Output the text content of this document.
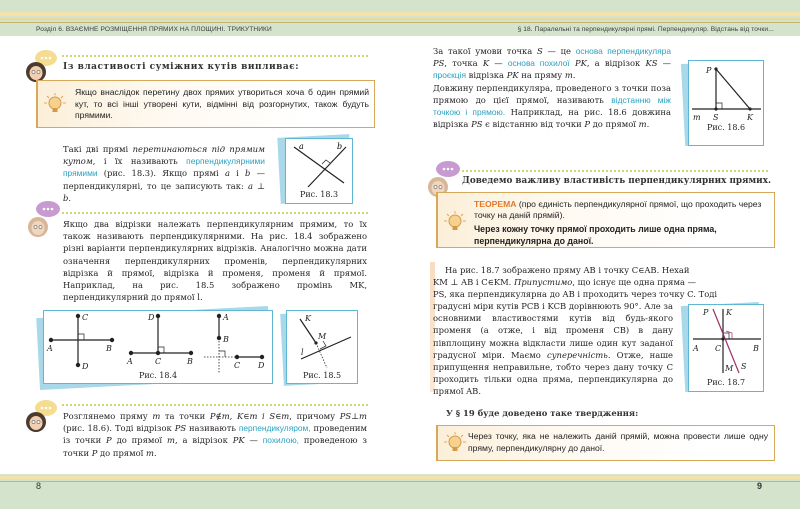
Розділ 6. ВЗАЄМНЕ РОЗМІЩЕННЯ ПРЯМИХ НА ПЛОЩИНІ. ТРИКУТНИКИ
Із властивості суміжних кутів випливає:
Якщо внаслідок перетину двох прямих утвориться хоча б один прямий кут, то всі інші утворені кути, відмінні від розгорнутих, також будуть прямими.
Такі дві прямі перетинаються під прямим кутом, і їх називають перпендикулярними прямими (рис. 18.3). Якщо прямі a і b — перпендикулярні, то це записують так: a ⊥ b.
a	b
Рис. 18.3
Якщо два відрізки належать перпендикулярним прямим, то їх також називають перпендикулярними. На рис. 18.4 зображено різні варіанти перпендикулярних відрізків. Аналогічно можна дати означення перпендикулярних променів, перпендикулярних відрізка й прямої, відрізка й променя, променя й прямої. Наприклад, на рис. 18.5 зображено промінь MK, перпендикулярний до прямої l.
A	B
C
D
A	C	B
D	A
B
C D
Рис. 18.4
K
M
l
Рис. 18.5
Розглянемо пряму m та точки P∉m, K∈m і S∈m, причому PS⊥m (рис. 18.6). Тоді відрізок PS називають перпендикуляром, проведеним із точки P до прямої m, а відрізок PK — похилою, проведеною з точки P до прямої m.
8
§ 18. Паралельні та перпендикулярні прямі. Перпендикуляр. Відстань від точки...
За такої умови точка S — це основа перпендикуляра PS, точка K — основа похилої PK, а відрізок KS — проєкція відрізка PK на пряму m.
Довжину перпендикуляра, проведеного з точки поза прямою до цієї прямої, називають відстанню між точкою і прямою. Наприклад, на рис. 18.6 довжина відрізка PS є відстанню від точки P до прямої m.
P
m S	K
Рис. 18.6
Доведемо важливу властивість перпендикулярних прямих.
ТЕОРЕМА (про єдиність перпендикулярної прямої, що проходить через точку на даній прямій).
Через кожну точку прямої проходить лише одна пряма, перпендикулярна до даної.
На рис. 18.7 зображено пряму AB і точку C∈AB. Нехай
KM ⊥ AB і C∈KM. Припустимо, що існує ще одна пряма —
PS, яка перпендикулярна до AB і проходить через точку C. Тоді
градусні міри кутів PCB і KCB дорівнюють 90°. Але за основними властивостями кутів від будь-якого променя (а отже, і від променя CB) в дану півплощину можна відкласти лише один кут заданої градусної міри. Маємо суперечність. Отже, наше припущення неправильне, тобто через дану точку C проходить тільки одна пряма, перпендикулярна до прямої AB.
P K
A C	B
M S
Рис. 18.7
У § 19 буде доведено таке твердження:
Через точку, яка не належить даній прямій, можна провести лише одну пряму, перпендикулярну до даної.
9
